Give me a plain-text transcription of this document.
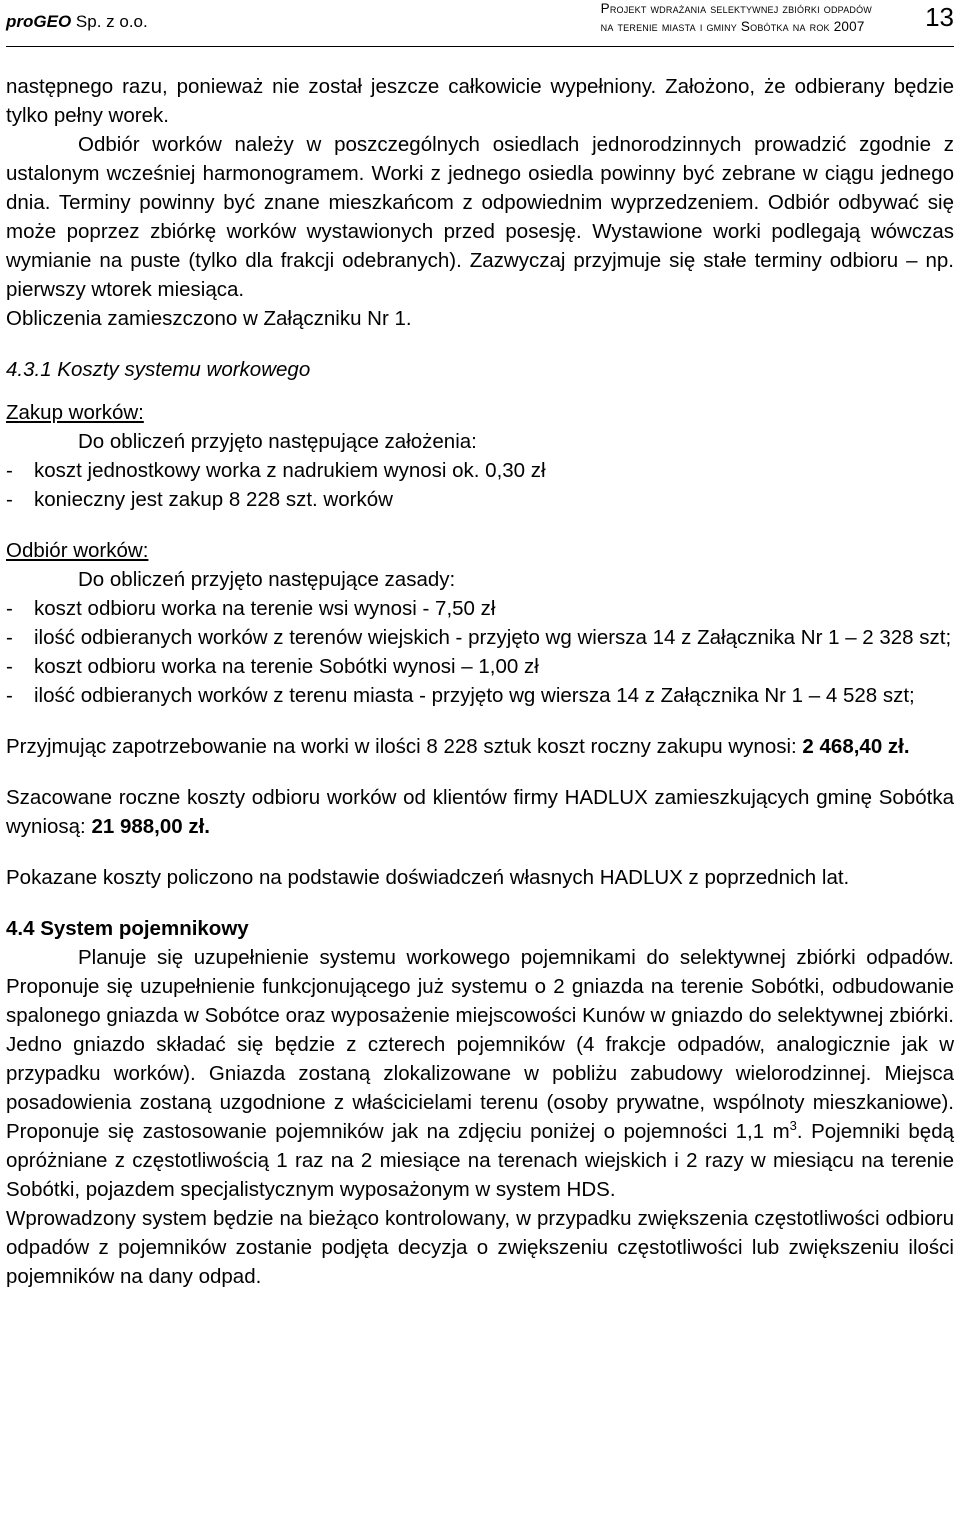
proGEO Sp. z o.o.
Projekt wdrażania selektywnej zbiórki odpadów
na terenie miasta i gminy Sobótka na rok 2007 13

następnego razu, ponieważ nie został jeszcze całkowicie wypełniony. Założono, że odbierany będzie tylko pełny worek.

Odbiór worków należy w poszczególnych osiedlach jednorodzinnych prowadzić zgodnie z ustalonym wcześniej harmonogramem. Worki z jednego osiedla powinny być zebrane w ciągu jednego dnia. Terminy powinny być znane mieszkańcom z odpowiednim wyprzedzeniem. Odbiór odbywać się może poprzez zbiórkę worków wystawionych przed posesję. Wystawione worki podlegają wówczas wymianie na puste (tylko dla frakcji odebranych). Zazwyczaj przyjmuje się stałe terminy odbioru – np. pierwszy wtorek miesiąca.

Obliczenia zamieszczono w Załączniku Nr 1.

4.3.1 Koszty systemu workowego

Zakup worków:

Do obliczeń przyjęto następujące założenia:

-	koszt jednostkowy worka z nadrukiem wynosi ok. 0,30 zł
-	konieczny jest zakup 8 228 szt. worków

Odbiór worków:

Do obliczeń przyjęto następujące zasady:

-	koszt odbioru worka na terenie wsi wynosi - 7,50 zł
-	ilość odbieranych worków z terenów wiejskich - przyjęto wg wiersza 14 z Załącznika Nr 1 – 2 328 szt;
-	koszt odbioru worka na terenie Sobótki wynosi – 1,00 zł
-	ilość odbieranych worków z terenu miasta - przyjęto wg wiersza 14 z Załącznika Nr 1 – 4 528 szt;

Przyjmując zapotrzebowanie na worki w ilości 8 228 sztuk koszt roczny zakupu wynosi: 2 468,40 zł.

Szacowane roczne koszty odbioru worków od klientów firmy HADLUX zamieszkujących gminę Sobótka wyniosą: 21 988,00 zł.

Pokazane koszty policzono na podstawie doświadczeń własnych HADLUX z poprzednich lat.

4.4 System pojemnikowy

Planuje się uzupełnienie systemu workowego pojemnikami do selektywnej zbiórki odpadów. Proponuje się uzupełnienie funkcjonującego już systemu o 2 gniazda na terenie Sobótki, odbudowanie spalonego gniazda w Sobótce oraz wyposażenie miejscowości Kunów w gniazdo do selektywnej zbiórki. Jedno gniazdo składać się będzie z czterech pojemników (4 frakcje odpadów, analogicznie jak w przypadku worków). Gniazda zostaną zlokalizowane w pobliżu zabudowy wielorodzinnej. Miejsca posadowienia zostaną uzgodnione z właścicielami terenu (osoby prywatne, wspólnoty mieszkaniowe). Proponuje się zastosowanie pojemników jak na zdjęciu poniżej o pojemności 1,1 $m^3$. Pojemniki będą opróżniane z częstotliwością 1 raz na 2 miesiące na terenach wiejskich i 2 razy w miesiącu na terenie Sobótki, pojazdem specjalistycznym wyposażonym w system HDS.

Wprowadzony system będzie na bieżąco kontrolowany, w przypadku zwiększenia częstotliwości odbioru odpadów z pojemników zostanie podjęta decyzja o zwiększeniu częstotliwości lub zwiększeniu ilości pojemników na dany odpad.
